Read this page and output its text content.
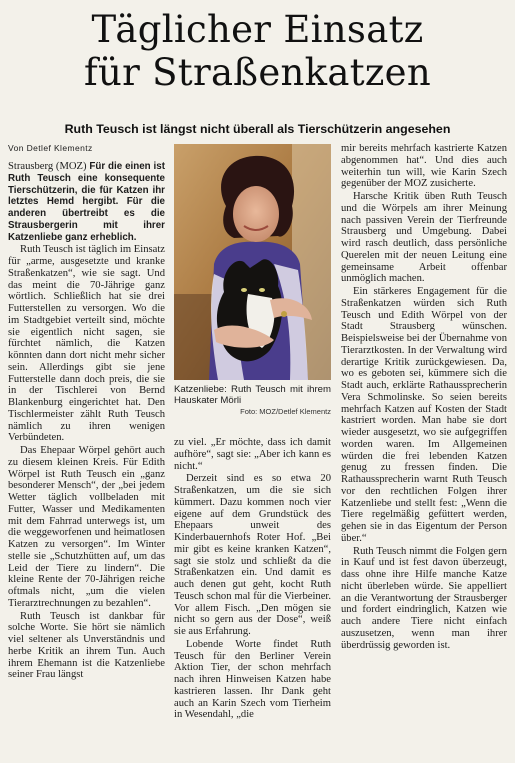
Täglicher Einsatz
für Straßenkatzen
Ruth Teusch ist längst nicht überall als Tierschützerin angesehen
Von Detlef Klementz

Strausberg (MOZ) Für die einen ist Ruth Teusch eine konsequente Tierschützerin, die für Katzen ihr letztes Hemd hergibt. Für die anderen übertreibt es die Strausbergerin mit ihrer Katzenliebe ganz erheblich.

Ruth Teusch ist täglich im Einsatz für „arme, ausgesetzte und kranke Straßenkatzen“, wie sie sagt. Und das meint die 70-Jährige ganz wörtlich. Schließlich hat sie drei Futterstellen zu versorgen. Wo die im Stadtgebiet verteilt sind, möchte sie eigentlich nicht sagen, sie fürchtet nämlich, die Katzen könnten dann dort nicht mehr sicher sein. Allerdings gibt sie jene Futterstelle dann doch preis, die sie in der Tischlerei von Bernd Blankenburg eingerichtet hat. Den Tischlermeister zählt Ruth Teusch nämlich zu ihren wenigen Verbündeten.

Das Ehepaar Wörpel gehört auch zu diesem kleinen Kreis. Für Edith Wörpel ist Ruth Teusch ein „ganz besonderer Mensch“, der „bei jedem Wetter täglich vollbeladen mit Futter, Wasser und Medikamenten mit dem Fahrrad unterwegs ist, um die weggeworfenen und heimatlosen Katzen zu versorgen“. Im Winter stelle sie „Schutzhütten auf, um das Leid der Tiere zu lindern“. Die kleine Rente der 70-Jährigen reiche oftmals nicht, „um die vielen Tierarztrechnungen zu bezahlen“.

Ruth Teusch ist dankbar für solche Worte. Sie hört sie nämlich viel seltener als Unverständnis und herbe Kritik an ihrem Tun. Auch ihrem Ehemann ist die Katzenliebe seiner Frau längst

Katzenliebe: Ruth Teusch mit ihrem Hauskater Mörli
Foto: MOZ/Detlef Klementz

zu viel. „Er möchte, dass ich damit aufhöre“, sagt sie: „Aber ich kann es nicht.“

Derzeit sind es so etwa 20 Straßenkatzen, um die sie sich kümmert. Dazu kommen noch vier eigene auf dem Grundstück des Ehepaars unweit des Kinderbauernhofs Roter Hof. „Bei mir gibt es keine kranken Katzen“, sagt sie stolz und schließt da die Straßenkatzen ein. Und damit es auch denen gut geht, kocht Ruth Teusch schon mal für die Vierbeiner. Vor allem Fisch. „Den mögen sie nicht so gern aus der Dose“, weiß sie aus Erfahrung.

Lobende Worte findet Ruth Teusch für den Berliner Verein Aktion Tier, der schon mehrfach nach ihren Hinweisen Katzen habe kastrieren lassen. Ihr Dank geht auch an Karin Szech vom Tierheim in Wesendahl, „die

mir bereits mehrfach kastrierte Katzen abgenommen hat“. Und dies auch weiterhin tun will, wie Karin Szech gegenüber der MOZ zusicherte.

Harsche Kritik üben Ruth Teusch und die Wörpels am ihrer Meinung nach passiven Verein der Tierfreunde Strausberg und Umgebung. Dabei wird rasch deutlich, dass persönliche Querelen mit der neuen Leitung eine gemeinsame Arbeit offenbar unmöglich machen.

Ein stärkeres Engagement für die Straßenkatzen würden sich Ruth Teusch und Edith Wörpel von der Stadt Strausberg wünschen. Beispielsweise bei der Übernahme von Tierarztkosten. In der Verwaltung wird derartige Kritik zurückgewiesen. Da, wo es geboten sei, kümmere sich die Stadt auch, erklärte Rathaussprecherin Vera Schmolinske. So seien bereits mehrfach Katzen auf Kosten der Stadt kastriert worden. Man habe sie dort wieder ausgesetzt, wo sie aufgegriffen worden waren. Im Allgemeinen würden die frei lebenden Katzen genug zu fressen finden. Die Rathaussprecherin warnt Ruth Teusch vor den rechtlichen Folgen ihrer Katzenliebe und stellt fest: „Wenn die Tiere regelmäßig gefüttert werden, gehen sie in das Eigentum der Person über.“

Ruth Teusch nimmt die Folgen gern in Kauf und ist fest davon überzeugt, dass ohne ihre Hilfe manche Katze nicht überleben würde. Sie appelliert an die Verantwortung der Strausberger und fordert eindringlich, Katzen wie auch andere Tiere nicht einfach auszusetzen, wenn man ihrer überdrüssig geworden ist.
